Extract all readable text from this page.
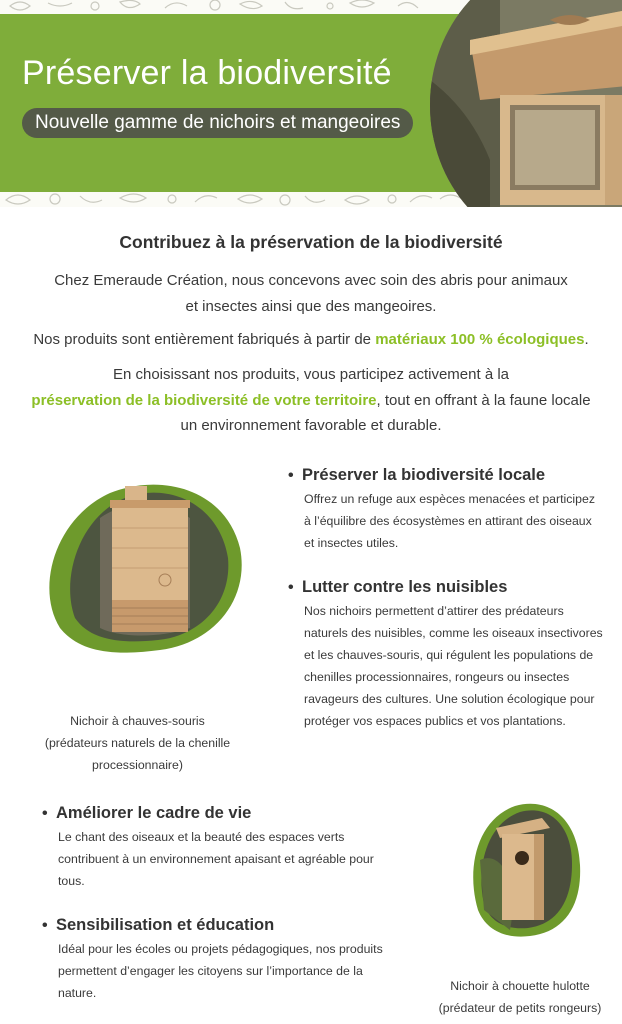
Préserver la biodiversité
Nouvelle gamme de nichoirs et mangeoires
Contribuez à la préservation de la biodiversité
Chez Emeraude Création, nous concevons avec soin des abris pour animaux et insectes ainsi que des mangeoires.
Nos produits sont entièrement fabriqués à partir de matériaux 100 % écologiques.
En choisissant nos produits, vous participez activement à la
préservation de la biodiversité de votre territoire, tout en offrant à la faune locale un environnement favorable et durable.
Nichoir à chauves-souris
(prédateurs naturels de la chenille
processionnaire)
• Préserver la biodiversité locale
Offrez un refuge aux espèces menacées et participez
à l’équilibre des écosystèmes en attirant des oiseaux
et insectes utiles.
• Lutter contre les nuisibles
Nos nichoirs permettent d’attirer des prédateurs
naturels des nuisibles, comme les oiseaux insectivores
et les chauves-souris, qui régulent les populations de
chenilles processionnaires, rongeurs ou insectes
ravageurs des cultures. Une solution écologique pour
protéger vos espaces publics et vos plantations.
• Améliorer le cadre de vie
Le chant des oiseaux et la beauté des espaces verts
contribuent à un environnement apaisant et agréable pour
tous.
• Sensibilisation et éducation
Idéal pour les écoles ou projets pédagogiques, nos produits
permettent d’engager les citoyens sur l’importance de la
nature.	Nichoir à chouette hulotte
(prédateur de petits rongeurs)
